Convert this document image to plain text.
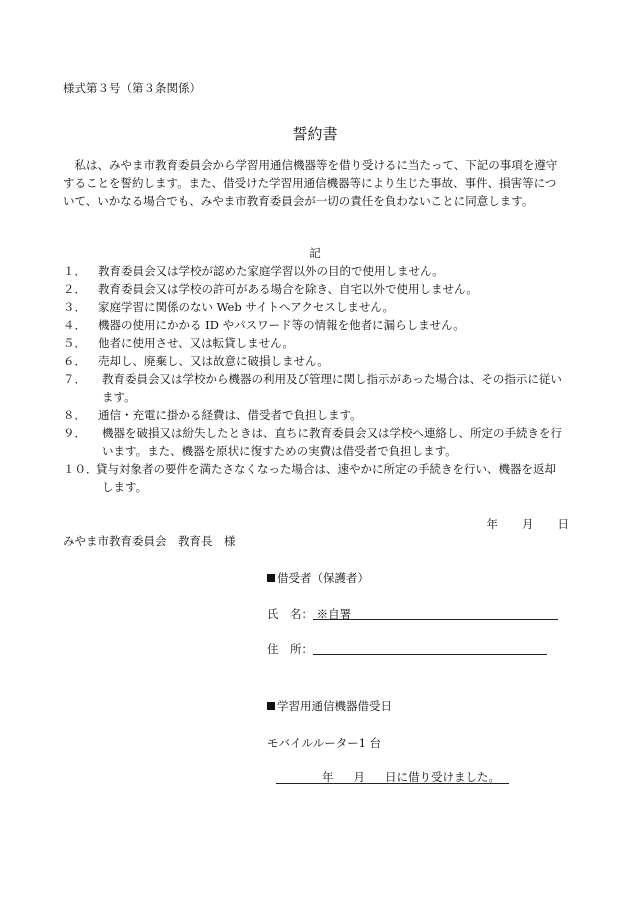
様式第３号（第３条関係）
誓約書
　私は、みやま市教育委員会から学習用通信機器等を借り受けるに当たって、下記の事項を遵守
することを誓約します。また、借受けた学習用通信機器等により生じた事故、事件、損害等につ
いて、いかなる場合でも、みやま市教育委員会が一切の責任を負わないことに同意します。
記
１． 教育委員会又は学校が認めた家庭学習以外の目的で使用しません。
２． 教育委員会又は学校の許可がある場合を除き、自宅以外で使用しません。
３． 家庭学習に関係のない Web サイトへアクセスしません。
４． 機器の使用にかかる ID やパスワード等の情報を他者に漏らしません。
５． 他者に使用させ、又は転貸しません。
６． 売却し、廃棄し、又は故意に破損しません。
７． 教育委員会又は学校から機器の利用及び管理に関し指示があった場合は、その指示に従い
ます。
８． 通信・充電に掛かる経費は、借受者で負担します。
９． 機器を破損又は紛失したときは、直ちに教育委員会又は学校へ連絡し、所定の手続きを行
います。また、機器を原状に復すための実費は借受者で負担します。
１０．
貸与対象者の要件を満たさなくなった場合は、速やかに所定の手続きを行い、機器を返却
します。
年 月 日
みやま市教育委員会　教育長　様
借受者（保護者）
氏　名： ※自署
住　所：
学習用通信機器借受日
モバイルルーター1 台
年 月 日に借り受けました。
